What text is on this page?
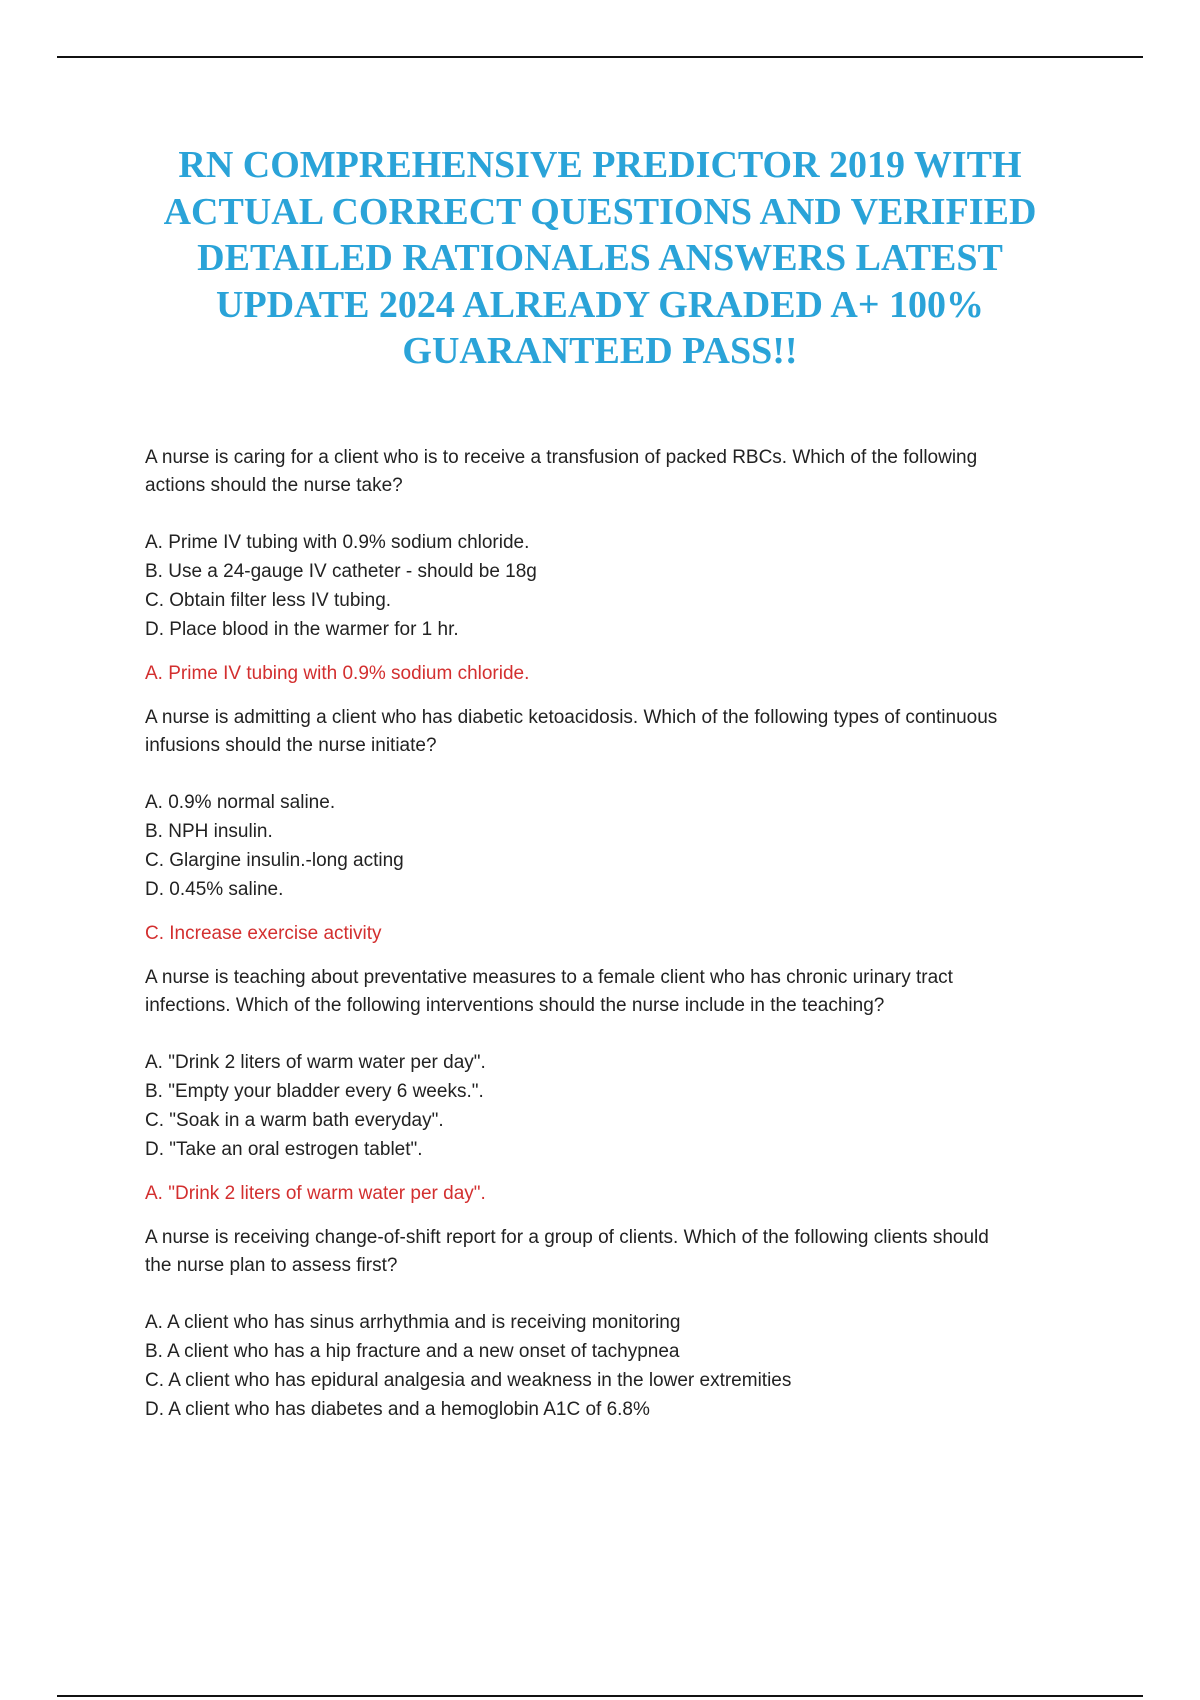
RN COMPREHENSIVE PREDICTOR 2019 WITH
ACTUAL CORRECT QUESTIONS AND VERIFIED
DETAILED RATIONALES ANSWERS LATEST
UPDATE 2024 ALREADY GRADED A+ 100%
GUARANTEED PASS!!
A nurse is caring for a client who is to receive a transfusion of packed RBCs. Which of the following
actions should the nurse take?
A. Prime IV tubing with 0.9% sodium chloride.
B. Use a 24-gauge IV catheter - should be 18g
C. Obtain filter less IV tubing.
D. Place blood in the warmer for 1 hr.
A. Prime IV tubing with 0.9% sodium chloride.
A nurse is admitting a client who has diabetic ketoacidosis. Which of the following types of continuous
infusions should the nurse initiate?
A. 0.9% normal saline.
B. NPH insulin.
C. Glargine insulin.-long acting
D. 0.45% saline.
C. Increase exercise activity
A nurse is teaching about preventative measures to a female client who has chronic urinary tract
infections. Which of the following interventions should the nurse include in the teaching?
A. "Drink 2 liters of warm water per day".
B. "Empty your bladder every 6 weeks.".
C. "Soak in a warm bath everyday".
D. "Take an oral estrogen tablet".
A. "Drink 2 liters of warm water per day".
A nurse is receiving change-of-shift report for a group of clients. Which of the following clients should
the nurse plan to assess first?
A. A client who has sinus arrhythmia and is receiving monitoring
B. A client who has a hip fracture and a new onset of tachypnea
C. A client who has epidural analgesia and weakness in the lower extremities
D. A client who has diabetes and a hemoglobin A1C of 6.8%
